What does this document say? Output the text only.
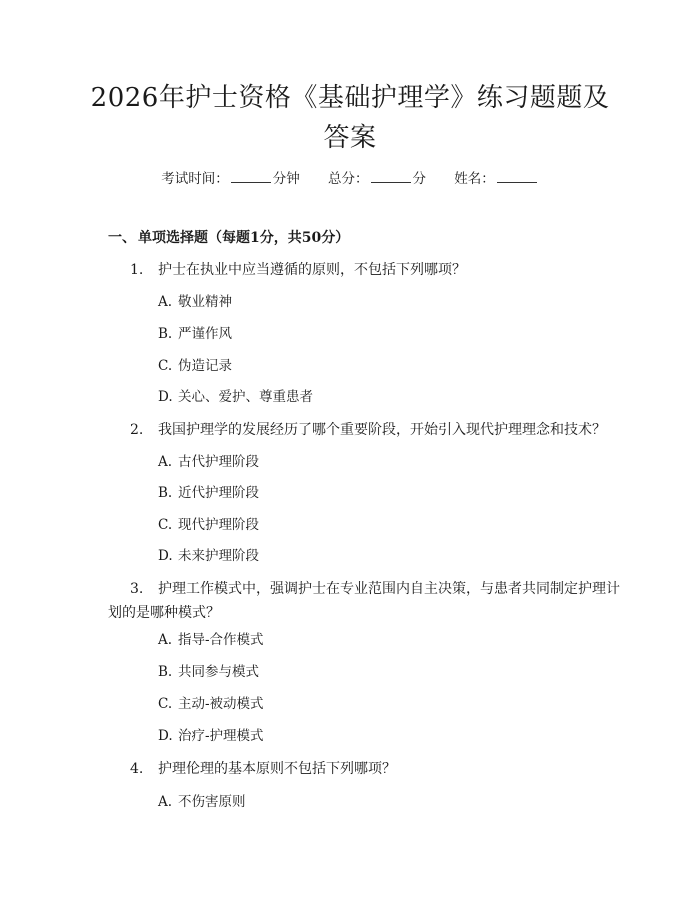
2026年护士资格《基础护理学》练习题题及
答案
考试时间：	分钟 总分：	分 姓名：
一、 单项选择题（每题1分，共50分）
1. 护士在执业中应当遵循的原则，不包括下列哪项？
A. 敬业精神
B. 严谨作风
C. 伪造记录
D. 关心、爱护、尊重患者
2. 我国护理学的发展经历了哪个重要阶段，开始引入现代护理理念和技术？
A. 古代护理阶段
B. 近代护理阶段
C. 现代护理阶段
D. 未来护理阶段
3. 护理工作模式中，强调护士在专业范围内自主决策，与患者共同制定护理计划的是哪种模式？
A. 指导-合作模式
B. 共同参与模式
C. 主动-被动模式
D. 治疗-护理模式
4. 护理伦理的基本原则不包括下列哪项？
A. 不伤害原则
